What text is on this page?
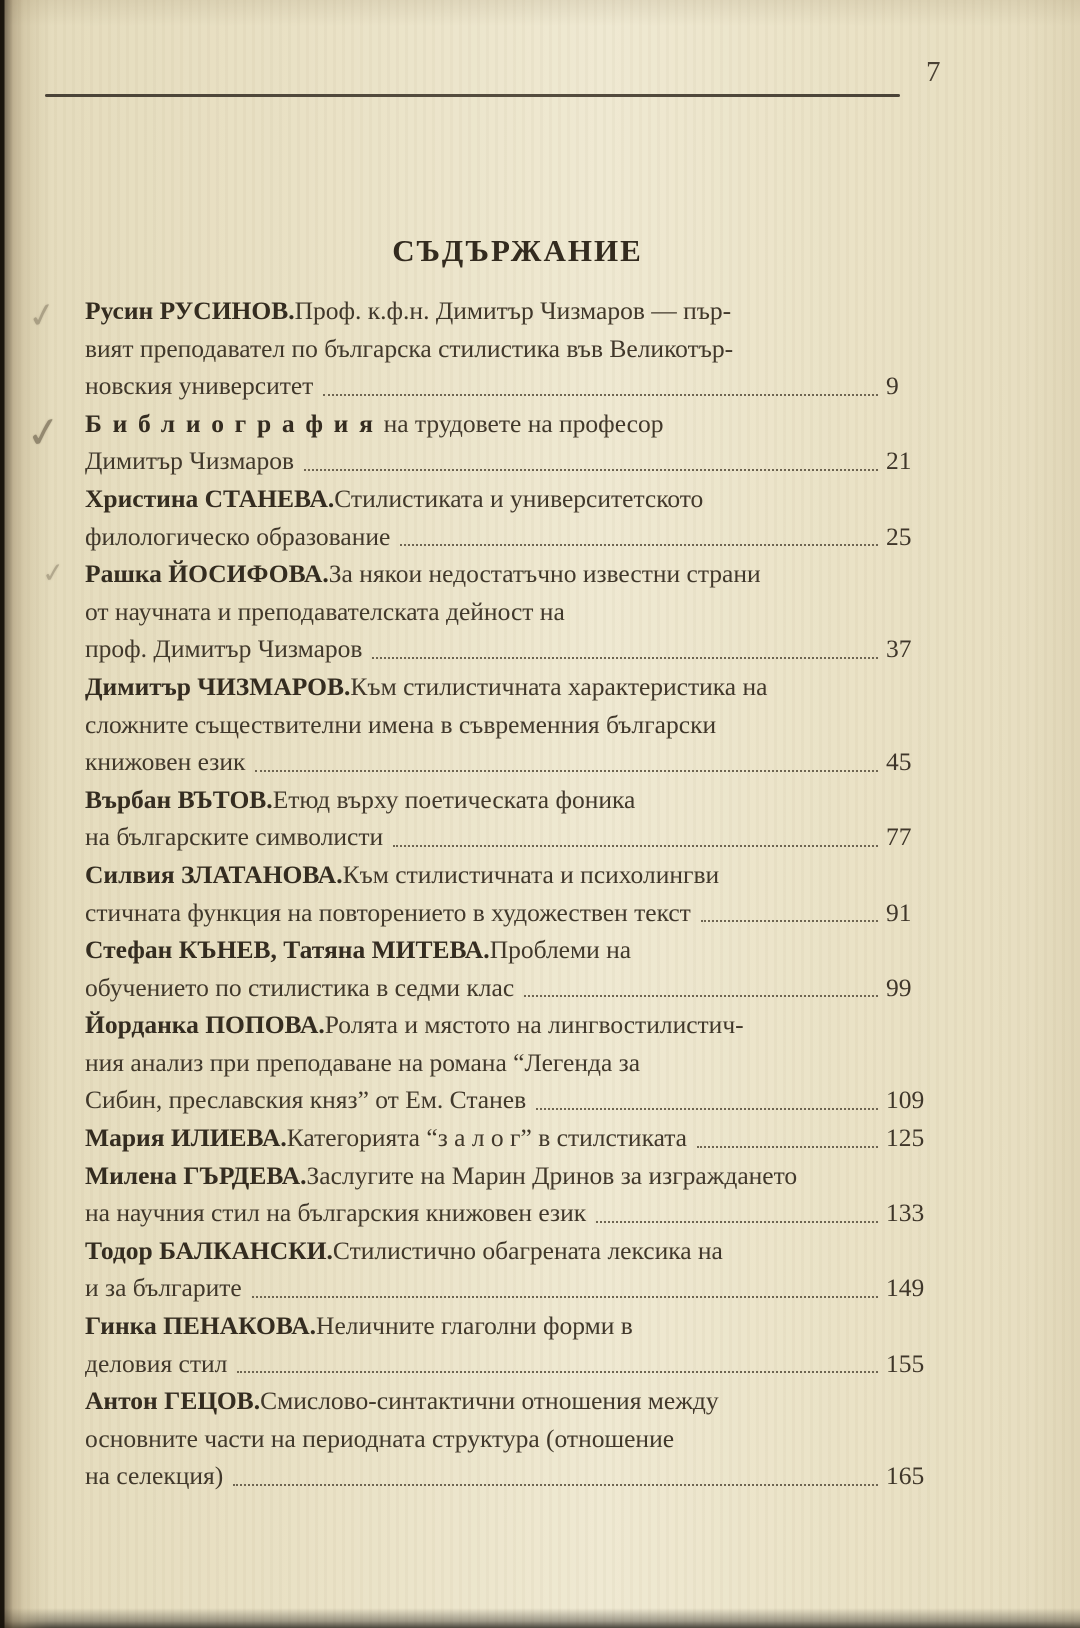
7
СЪДЪРЖАНИЕ
Русин РУСИНОВ. Проф. к.ф.н. Димитър Чизмаров — пър-
вият преподавател по българска стилистика във Великотър-
новския университет	9
Библиография на трудовете на професор
Димитър Чизмаров	21
Христина СТАНЕВА. Стилистиката и университетското
филологическо образование	25
Рашка ЙОСИФОВА. За някои недостатъчно известни страни
от научната и преподавателската дейност на
проф. Димитър Чизмаров	37
Димитър ЧИЗМАРОВ. Към стилистичната характеристика на
сложните съществителни имена в съвременния български
книжовен език	45
Върбан ВЪТОВ. Етюд върху поетическата фоника
на българските символисти	77
Силвия ЗЛАТАНОВА. Към стилистичната и психолингви
стичната функция на повторението в художествен текст	91
Стефан КЪНЕВ, Татяна МИТЕВА. Проблеми на
обучението по стилистика в седми клас	99
Йорданка ПОПОВА. Ролята и мястото на лингвостилистич-
ния анализ при преподаване на романа “Легенда за
Сибин, преславския княз” от Ем. Станев	109
Мария ИЛИЕВА. Категорията “з а л о г” в стилстиката	125
Милена ГЪРДЕВА. Заслугите на Марин Дринов за изграждането
на научния стил на българския книжовен език	133
Тодор БАЛКАНСКИ. Стилистично обагрената лексика на
и за българите	149
Гинка ПЕНАКОВА. Неличните глаголни форми в
деловия стил	155
Антон ГЕЦОВ. Смислово-синтактични отношения между
основните части на периодната структура (отношение
на селекция)	165
✓
✓
✓
